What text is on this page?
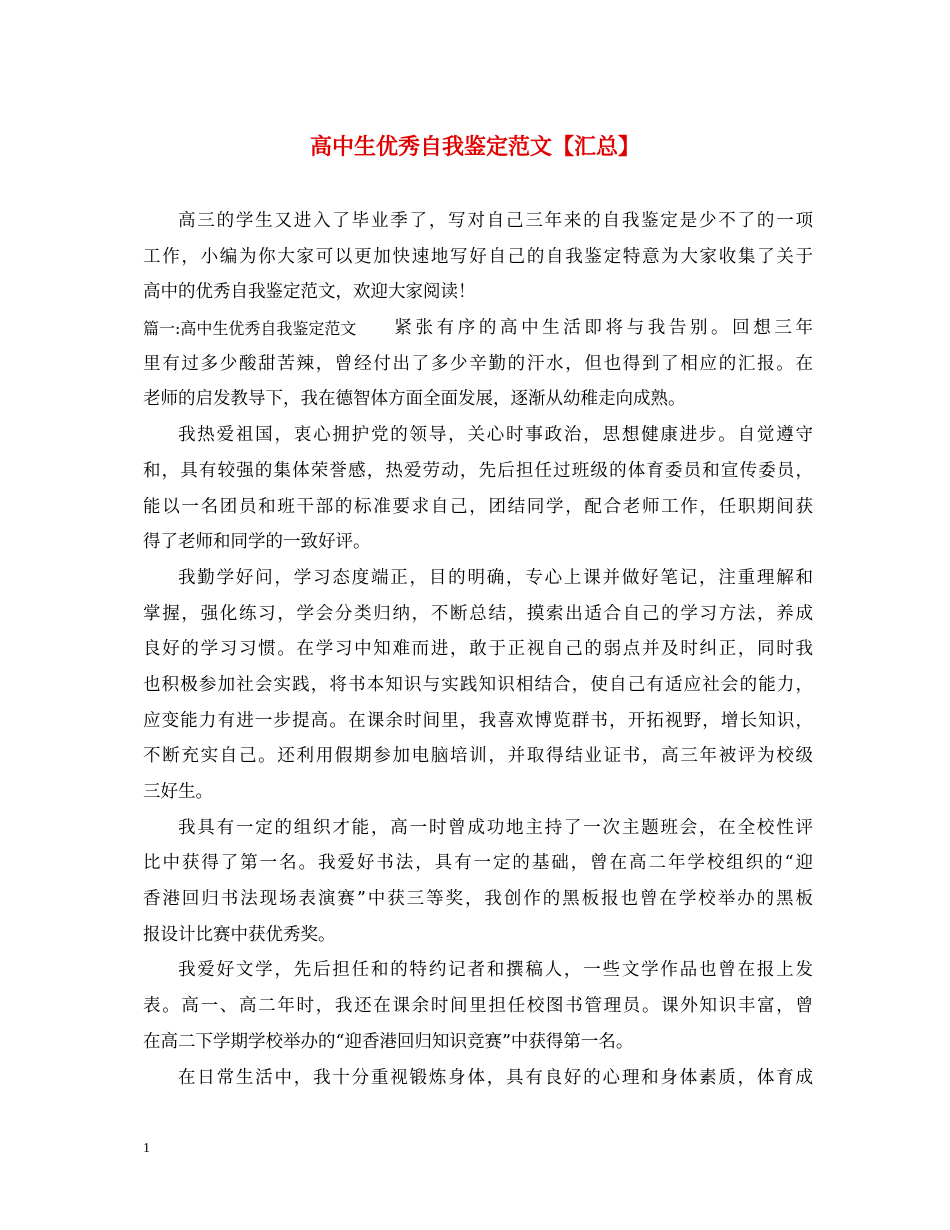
高中生优秀自我鉴定范文【汇总】
高三的学生又进入了毕业季了，写对自己三年来的自我鉴定是少不了的一项
工作，小编为你大家可以更加快速地写好自己的自我鉴定特意为大家收集了关于
高中的优秀自我鉴定范文，欢迎大家阅读！
篇一:高中生优秀自我鉴定范文 紧张有序的高中生活即将与我告别。回想三年
里有过多少酸甜苦辣，曾经付出了多少辛勤的汗水，但也得到了相应的汇报。在
老师的启发教导下，我在德智体方面全面发展，逐渐从幼稚走向成熟。
我热爱祖国，衷心拥护党的领导，关心时事政治，思想健康进步。自觉遵守
和，具有较强的集体荣誉感，热爱劳动，先后担任过班级的体育委员和宣传委员，
能以一名团员和班干部的标准要求自己，团结同学，配合老师工作，任职期间获
得了老师和同学的一致好评。
我勤学好问，学习态度端正，目的明确，专心上课并做好笔记，注重理解和
掌握，强化练习，学会分类归纳，不断总结，摸索出适合自己的学习方法，养成
良好的学习习惯。在学习中知难而进，敢于正视自己的弱点并及时纠正，同时我
也积极参加社会实践，将书本知识与实践知识相结合，使自己有适应社会的能力，
应变能力有进一步提高。在课余时间里，我喜欢博览群书，开拓视野，增长知识，
不断充实自己。还利用假期参加电脑培训，并取得结业证书，高三年被评为校级
三好生。
我具有一定的组织才能，高一时曾成功地主持了一次主题班会，在全校性评
比中获得了第一名。我爱好书法，具有一定的基础，曾在高二年学校组织的“迎
香港回归书法现场表演赛”中获三等奖，我创作的黑板报也曾在学校举办的黑板
报设计比赛中获优秀奖。
我爱好文学，先后担任和的特约记者和撰稿人，一些文学作品也曾在报上发
表。高一、高二年时，我还在课余时间里担任校图书管理员。课外知识丰富，曾
在高二下学期学校举办的“迎香港回归知识竞赛”中获得第一名。
在日常生活中，我十分重视锻炼身体，具有良好的心理和身体素质，体育成
1
